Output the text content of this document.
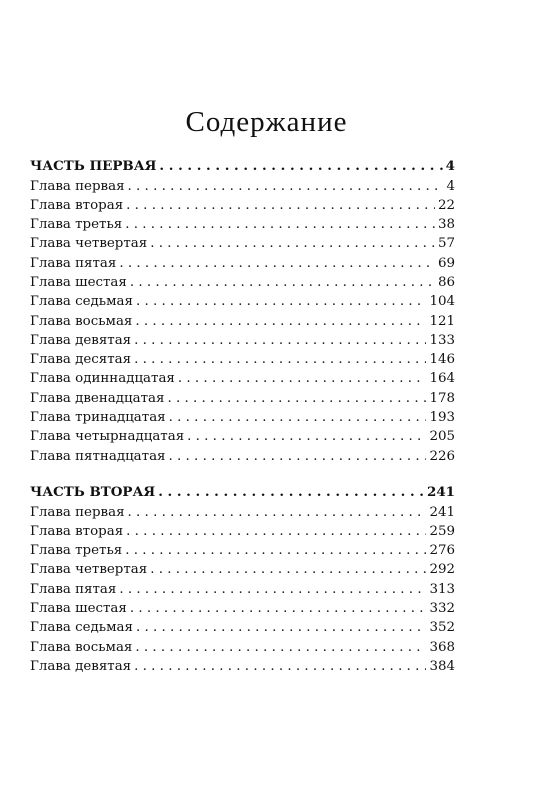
Содержание
ЧАСТЬ ПЕРВАЯ . . .	4
Глава первая . . .	4
Глава вторая . . .	22
Глава третья . . .	38
Глава четвертая . . .	57
Глава пятая . . .	69
Глава шестая . . .	86
Глава седьмая . . .	104
Глава восьмая . . .	121
Глава девятая . . .	133
Глава десятая . . .	146
Глава одиннадцатая . . .	164
Глава двенадцатая . . .	178
Глава тринадцатая . . .	193
Глава четырнадцатая . . .	205
Глава пятнадцатая . . .	226
ЧАСТЬ ВТОРАЯ . . .	241
Глава первая . . .	241
Глава вторая . . .	259
Глава третья . . .	276
Глава четвертая . . .	292
Глава пятая . . .	313
Глава шестая . . .	332
Глава седьмая . . .	352
Глава восьмая . . .	368
Глава девятая . . .	384
